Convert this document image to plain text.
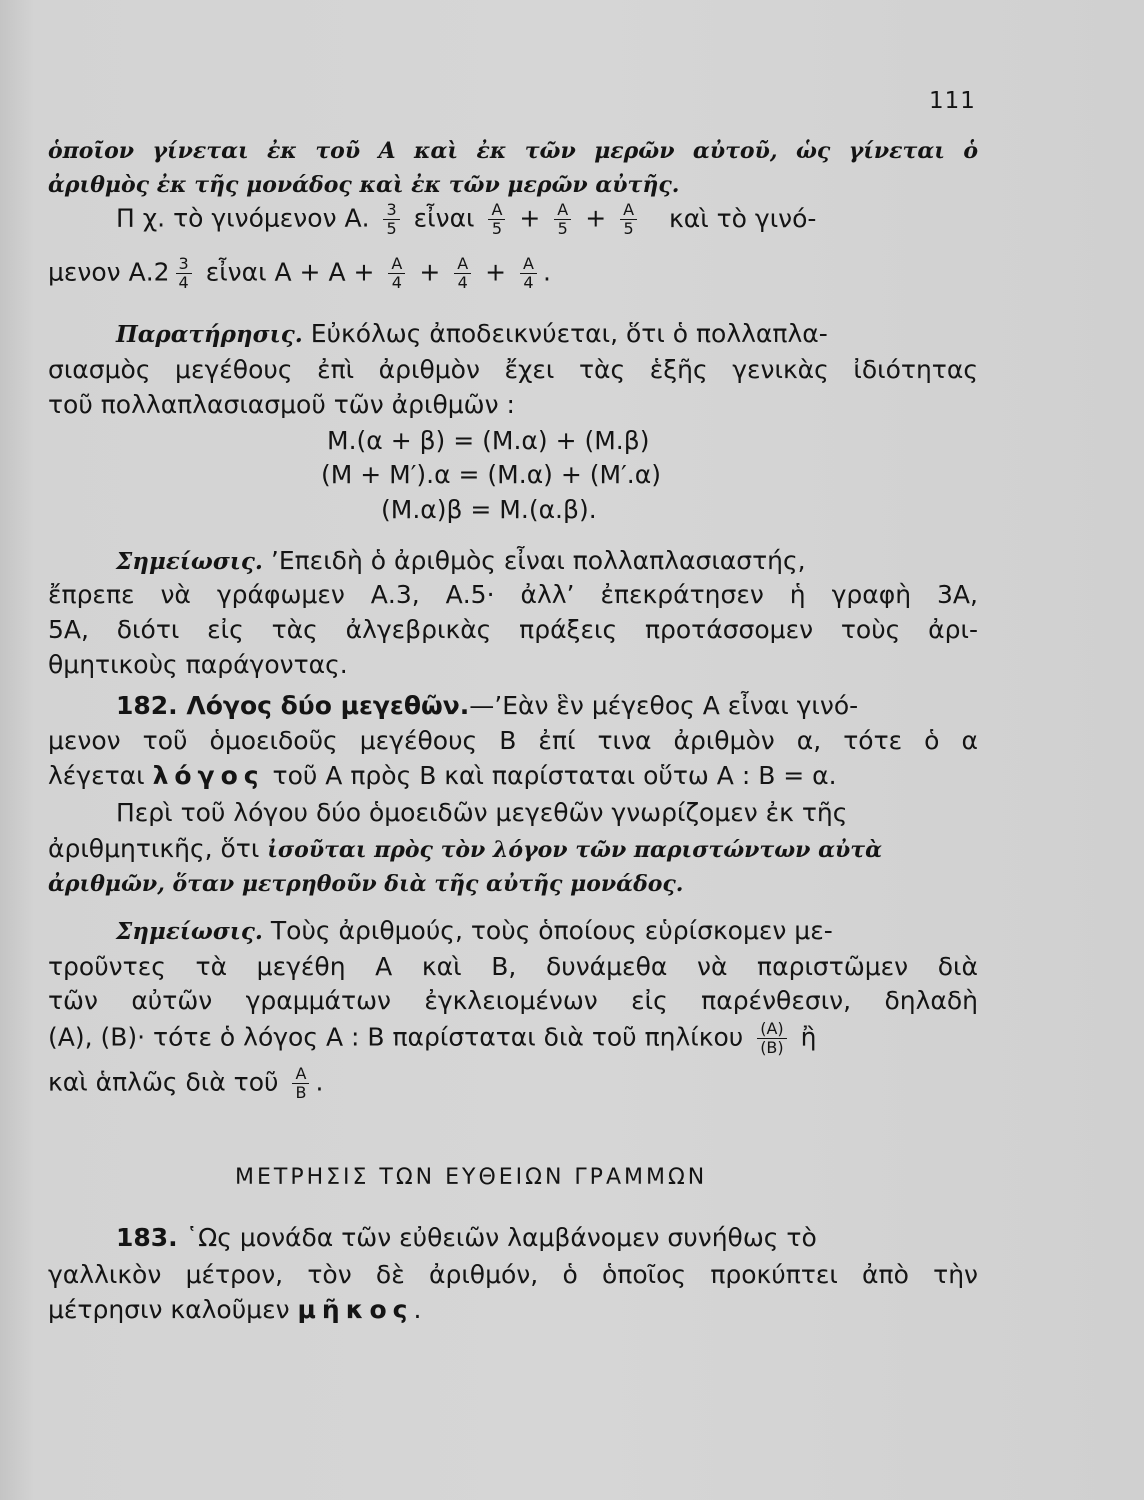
111
ὁποῖον γίνεται ἐκ τοῦ Α καὶ ἐκ τῶν μερῶν αὐτοῦ, ὡς γίνεται ὁ
ἀριθμὸς ἐκ τῆς μονάδος καὶ ἐκ τῶν μερῶν αὐτῆς.
Π χ. τὸ γινόμενον Α. $\frac{3}{5}$ εἶναι $\frac{A}{5} + \frac{A}{5} + \frac{A}{5}$ καὶ τὸ γινό-
μενον $A.2 \frac{3}{4}$ εἶναι $A + A + \frac{A}{4} + \frac{A}{4} + \frac{A}{4}$ .
Παρατήρησις. Εὐκόλως ἀποδεικνύεται, ὅτι ὁ πολλαπλα-
σιασμὸς μεγέθους ἐπὶ ἀριθμὸν ἔχει τὰς ἑξῆς γενικὰς ἰδιότητας
τοῦ πολλαπλασιασμοῦ τῶν ἀριθμῶν :
Μ.(α + β) = (Μ.α) + (Μ.β)
(Μ + Μ′).α = (Μ.α) + (Μ′.α)
(Μ.α)β = Μ.(α.β).
Σημείωσις. ’Επειδὴ ὁ ἀριθμὸς εἶναι πολλαπλασιαστής,
ἔπρεπε νὰ γράφωμεν Α.3, Α.5· ἀλλ’ ἐπεκράτησεν ἡ γραφὴ 3Α,
5Α, διότι εἰς τὰς ἀλγεβρικὰς πράξεις προτάσσομεν τοὺς ἀρι-
θμητικοὺς παράγοντας.
182. Λόγος δύο μεγεθῶν.—’Εὰν ἓν μέγεθος Α εἶναι γινό-
μενον τοῦ ὁμοειδοῦς μεγέθους Β ἐπί τινα ἀριθμὸν α, τότε ὁ α
λέγεται λόγος τοῦ Α πρὸς Β καὶ παρίσταται οὕτω Α : Β = α.
Περὶ τοῦ λόγου δύο ὁμοειδῶν μεγεθῶν γνωρίζομεν ἐκ τῆς
ἀριθμητικῆς, ὅτι ἰσοῦται πρὸς τὸν λόγον τῶν παριστώντων αὐτὰ
ἀριθμῶν, ὅταν μετρηθοῦν διὰ τῆς αὐτῆς μονάδος.
Σημείωσις. Τοὺς ἀριθμούς, τοὺς ὁποίους εὑρίσκομεν με-
τροῦντες τὰ μεγέθη Α καὶ Β, δυνάμεθα νὰ παριστῶμεν διὰ
τῶν αὐτῶν γραμμάτων ἐγκλειομένων εἰς παρένθεσιν, δηλαδὴ
(Α), (Β)· τότε ὁ λόγος Α : Β παρίσταται διὰ τοῦ πηλίκου $\frac{(A)}{(B)}$ ἢ
καὶ ἁπλῶς διὰ τοῦ $\frac{A}{B}$ .
ΜΕΤΡΗΣΙΣ ΤΩΝ ΕΥΘΕΙΩΝ ΓΡΑΜΜΩΝ
183. ῾Ως μονάδα τῶν εὐθειῶν λαμβάνομεν συνήθως τὸ
γαλλικὸν μέτρον, τὸν δὲ ἀριθμόν, ὁ ὁποῖος προκύπτει ἀπὸ τὴν
μέτρησιν καλοῦμεν μῆκος.
